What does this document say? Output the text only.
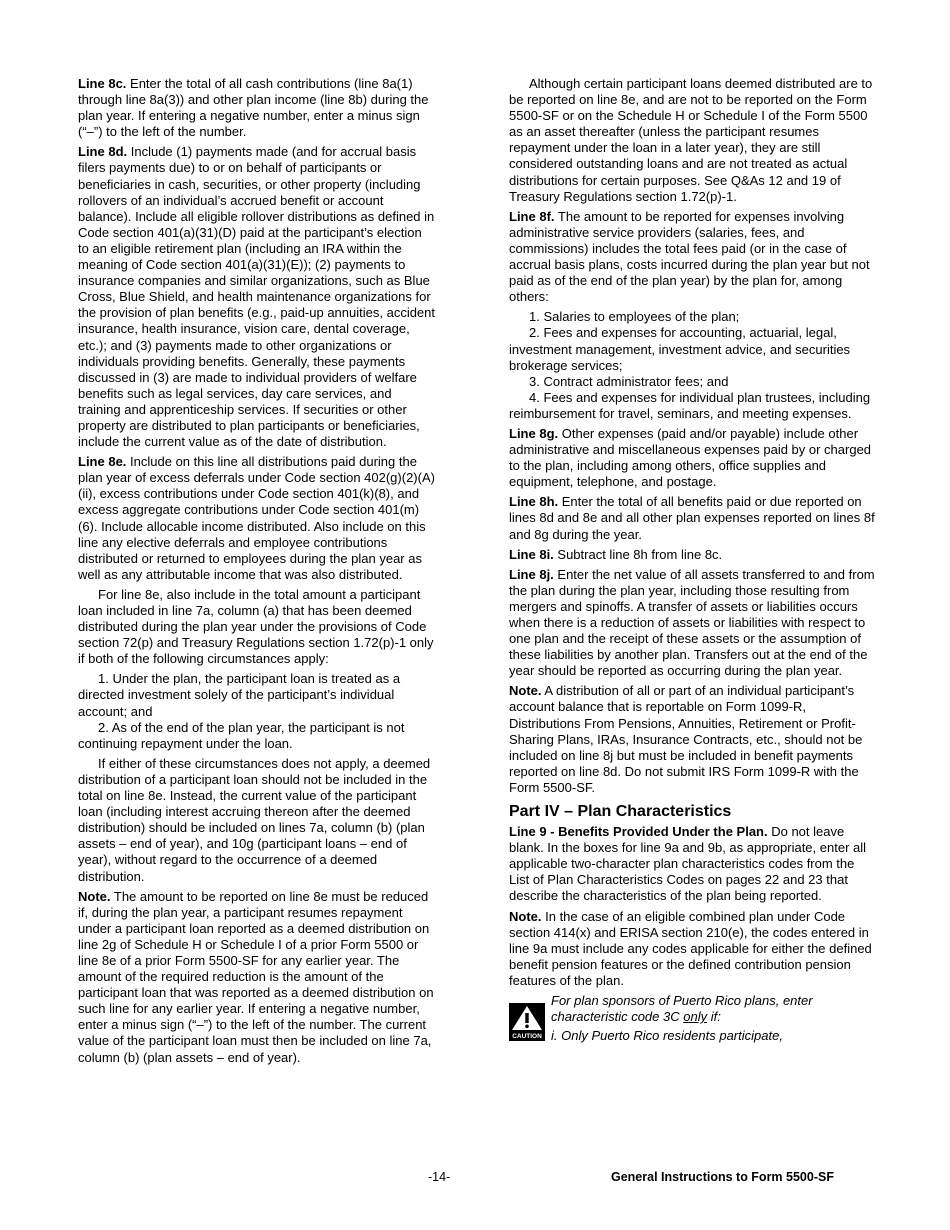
Line 8c. Enter the total of all cash contributions (line 8a(1) through line 8a(3)) and other plan income (line 8b) during the plan year. If entering a negative number, enter a minus sign (“–”) to the left of the number.

Line 8d. Include (1) payments made (and for accrual basis filers payments due) to or on behalf of participants or beneficiaries in cash, securities, or other property (including rollovers of an individual’s accrued benefit or account balance). Include all eligible rollover distributions as defined in Code section 401(a)(31)(D) paid at the participant’s election to an eligible retirement plan (including an IRA within the meaning of Code section 401(a)(31)(E)); (2) payments to insurance companies and similar organizations, such as Blue Cross, Blue Shield, and health maintenance organizations for the provision of plan benefits (e.g., paid-up annuities, accident insurance, health insurance, vision care, dental coverage, etc.); and (3) payments made to other organizations or individuals providing benefits. Generally, these payments discussed in (3) are made to individual providers of welfare benefits such as legal services, day care services, and training and apprenticeship services. If securities or other property are distributed to plan participants or beneficiaries, include the current value as of the date of distribution.

Line 8e. Include on this line all distributions paid during the plan year of excess deferrals under Code section 402(g)(2)(A)(ii), excess contributions under Code section 401(k)(8), and excess aggregate contributions under Code section 401(m)(6). Include allocable income distributed. Also include on this line any elective deferrals and employee contributions distributed or returned to employees during the plan year as well as any attributable income that was also distributed.

For line 8e, also include in the total amount a participant loan included in line 7a, column (a) that has been deemed distributed during the plan year under the provisions of Code section 72(p) and Treasury Regulations section 1.72(p)-1 only if both of the following circumstances apply:

1. Under the plan, the participant loan is treated as a directed investment solely of the participant’s individual account; and

2. As of the end of the plan year, the participant is not continuing repayment under the loan.

If either of these circumstances does not apply, a deemed distribution of a participant loan should not be included in the total on line 8e. Instead, the current value of the participant loan (including interest accruing thereon after the deemed distribution) should be included on lines 7a, column (b) (plan assets – end of year), and 10g (participant loans – end of year), without regard to the occurrence of a deemed distribution.

Note. The amount to be reported on line 8e must be reduced if, during the plan year, a participant resumes repayment under a participant loan reported as a deemed distribution on line 2g of Schedule H or Schedule I of a prior Form 5500 or line 8e of a prior Form 5500-SF for any earlier year. The amount of the required reduction is the amount of the participant loan that was reported as a deemed distribution on such line for any earlier year. If entering a negative number, enter a minus sign (“–”) to the left of the number. The current value of the participant loan must then be included on line 7a, column (b) (plan assets – end of year).

Although certain participant loans deemed distributed are to be reported on line 8e, and are not to be reported on the Form 5500-SF or on the Schedule H or Schedule I of the Form 5500 as an asset thereafter (unless the participant resumes repayment under the loan in a later year), they are still considered outstanding loans and are not treated as actual distributions for certain purposes. See Q&As 12 and 19 of Treasury Regulations section 1.72(p)-1.

Line 8f. The amount to be reported for expenses involving administrative service providers (salaries, fees, and commissions) includes the total fees paid (or in the case of accrual basis plans, costs incurred during the plan year but not paid as of the end of the plan year) by the plan for, among others:

1. Salaries to employees of the plan;

2. Fees and expenses for accounting, actuarial, legal, investment management, investment advice, and securities brokerage services;

3. Contract administrator fees; and

4. Fees and expenses for individual plan trustees, including reimbursement for travel, seminars, and meeting expenses.

Line 8g. Other expenses (paid and/or payable) include other administrative and miscellaneous expenses paid by or charged to the plan, including among others, office supplies and equipment, telephone, and postage.

Line 8h. Enter the total of all benefits paid or due reported on lines 8d and 8e and all other plan expenses reported on lines 8f and 8g during the year.

Line 8i. Subtract line 8h from line 8c.

Line 8j. Enter the net value of all assets transferred to and from the plan during the plan year, including those resulting from mergers and spinoffs. A transfer of assets or liabilities occurs when there is a reduction of assets or liabilities with respect to one plan and the receipt of these assets or the assumption of these liabilities by another plan. Transfers out at the end of the year should be reported as occurring during the plan year.

Note. A distribution of all or part of an individual participant’s account balance that is reportable on Form 1099-R, Distributions From Pensions, Annuities, Retirement or Profit-Sharing Plans, IRAs, Insurance Contracts, etc., should not be included on line 8j but must be included in benefit payments reported on line 8d. Do not submit IRS Form 1099-R with the Form 5500-SF.

Part IV – Plan Characteristics

Line 9 - Benefits Provided Under the Plan. Do not leave blank. In the boxes for line 9a and 9b, as appropriate, enter all applicable two-character plan characteristics codes from the List of Plan Characteristics Codes on pages 22 and 23 that describe the characteristics of the plan being reported.

Note. In the case of an eligible combined plan under Code section 414(x) and ERISA section 210(e), the codes entered in line 9a must include any codes applicable for either the defined benefit pension features or the defined contribution pension features of the plan.

CAUTION

For plan sponsors of Puerto Rico plans, enter characteristic code 3C only if:

i. Only Puerto Rico residents participate,

-14-	General Instructions to Form 5500-SF
